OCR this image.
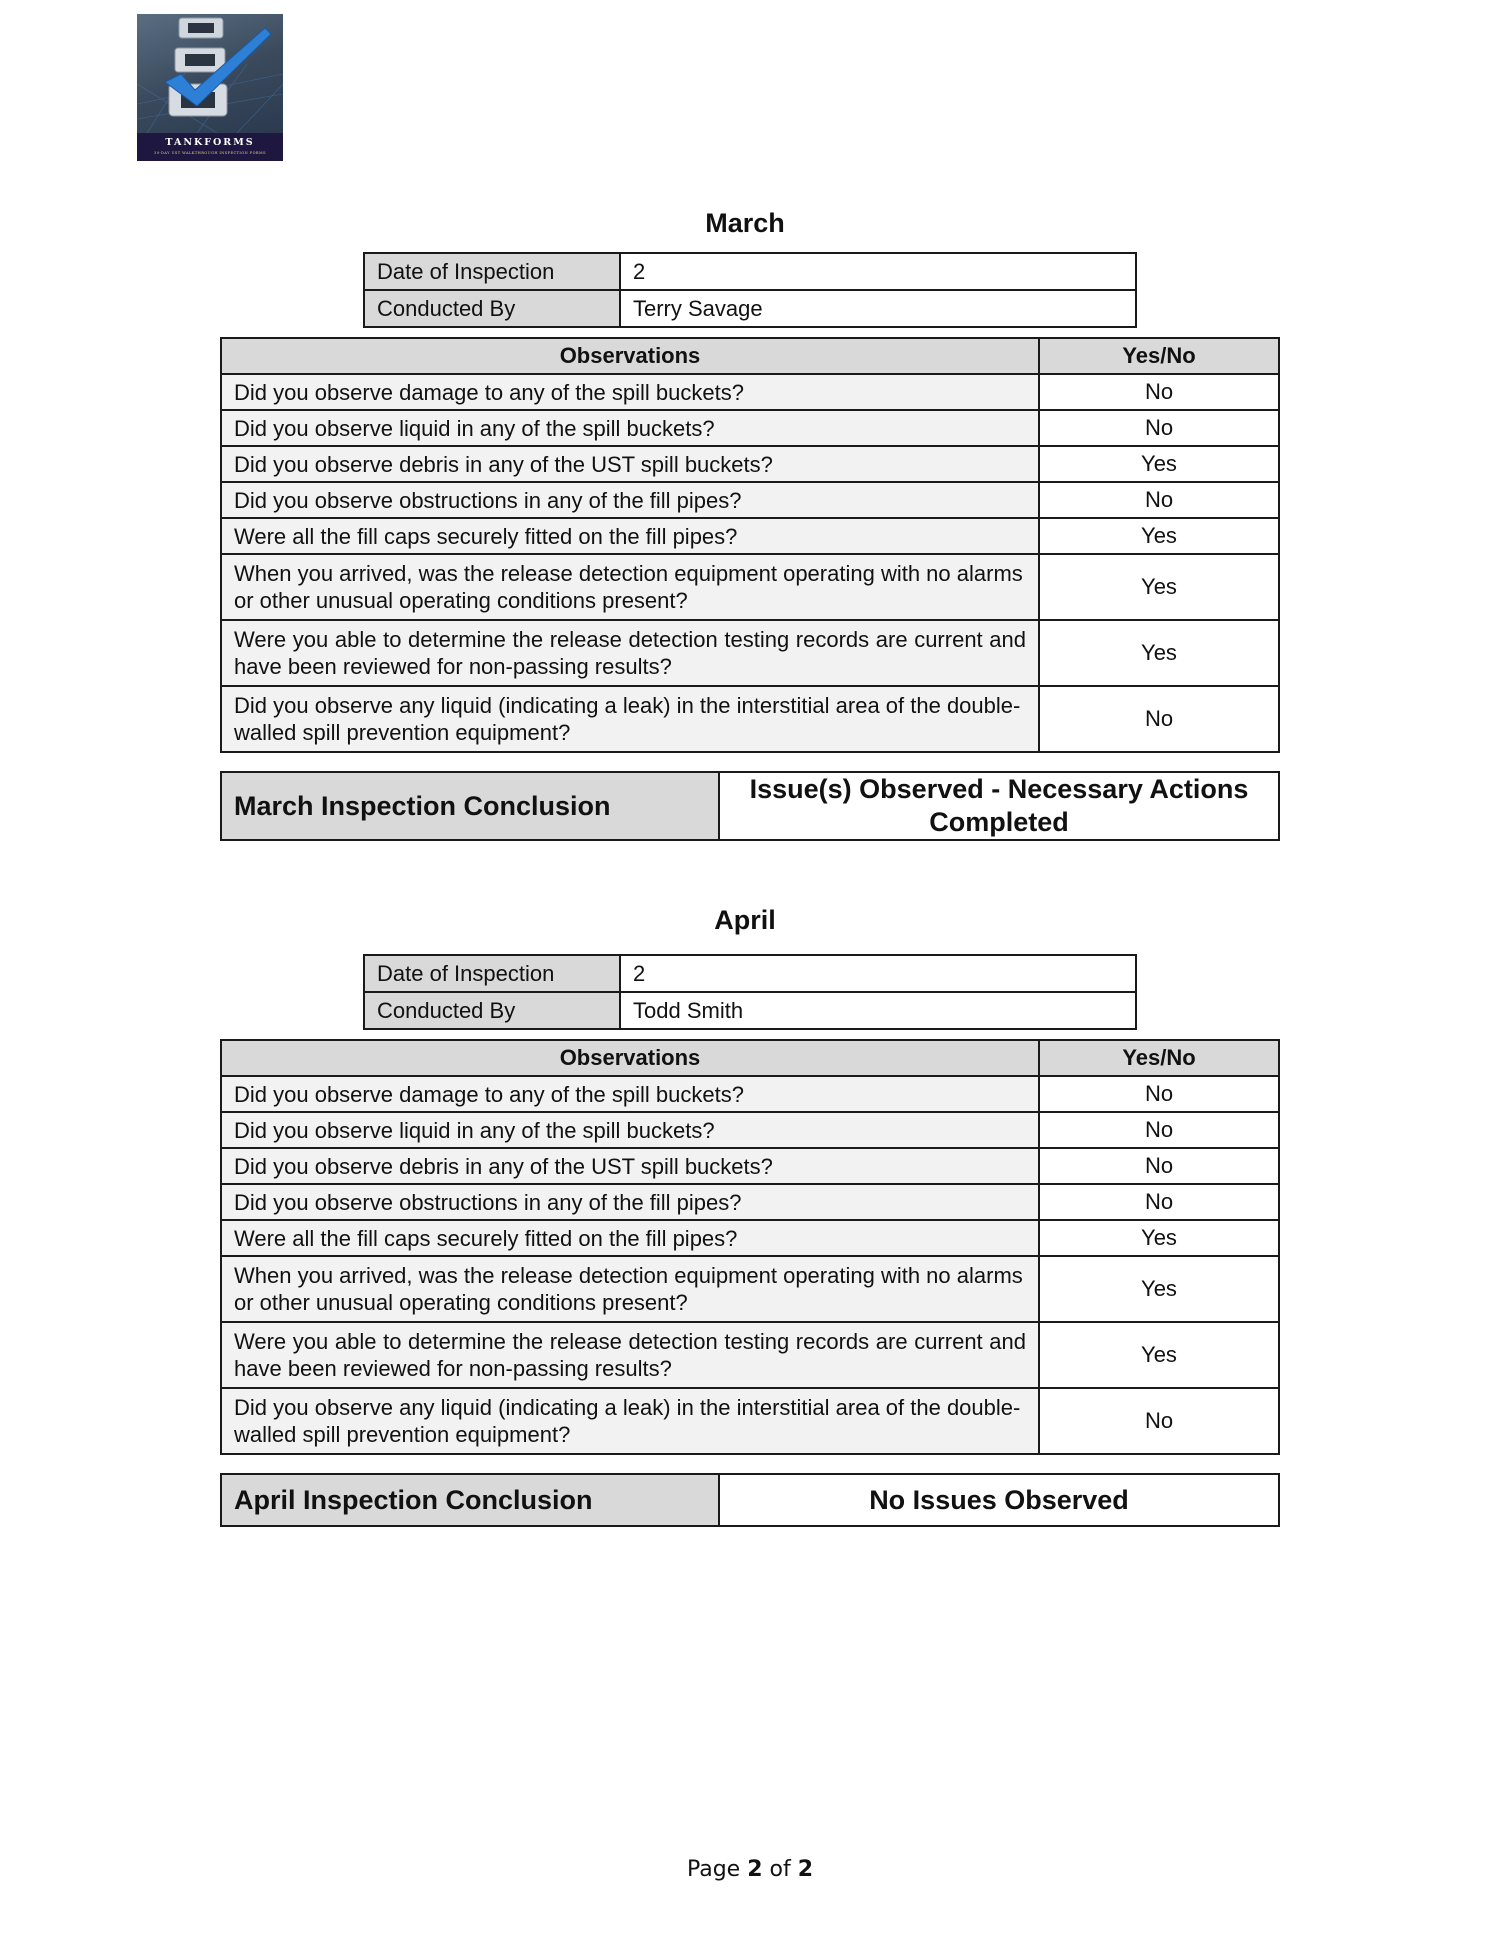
TANKFORMS
30-DAY UST WALKTHROUGH INSPECTION FORMS
March
Date of Inspection	2
Conducted By	Terry Savage
Observations	Yes/No
Did you observe damage to any of the spill buckets?	No
Did you observe liquid in any of the spill buckets?	No
Did you observe debris in any of the UST spill buckets?	Yes
Did you observe obstructions in any of the fill pipes?	No
Were all the fill caps securely fitted on the fill pipes?	Yes
When you arrived, was the release detection equipment operating with no alarms or other unusual operating conditions present?	Yes
Were you able to determine the release detection testing records are current and have been reviewed for non-passing results?	Yes
Did you observe any liquid (indicating a leak) in the interstitial area of the double-walled spill prevention equipment?	No
March Inspection Conclusion	Issue(s) Observed - Necessary Actions Completed
April
Date of Inspection	2
Conducted By	Todd Smith
Observations	Yes/No
Did you observe damage to any of the spill buckets?	No
Did you observe liquid in any of the spill buckets?	No
Did you observe debris in any of the UST spill buckets?	No
Did you observe obstructions in any of the fill pipes?	No
Were all the fill caps securely fitted on the fill pipes?	Yes
When you arrived, was the release detection equipment operating with no alarms or other unusual operating conditions present?	Yes
Were you able to determine the release detection testing records are current and have been reviewed for non-passing results?	Yes
Did you observe any liquid (indicating a leak) in the interstitial area of the double-walled spill prevention equipment?	No
April Inspection Conclusion	No Issues Observed
Page 2 of 2
